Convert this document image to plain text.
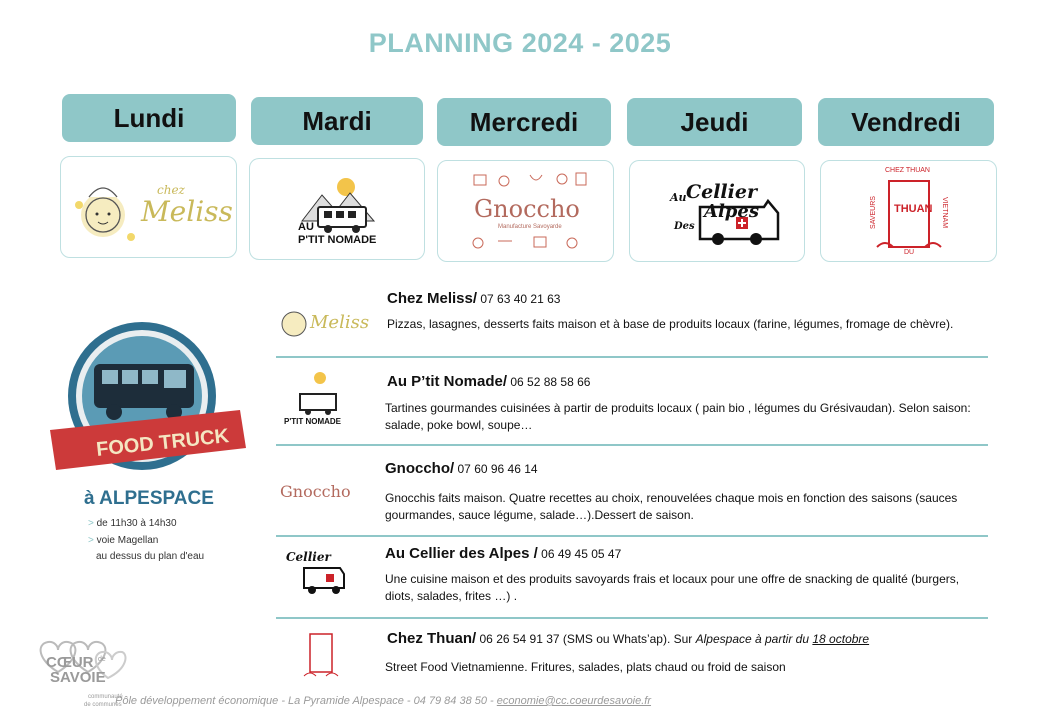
PLANNING 2024 - 2025
Lundi	Mardi	Mercredi	Jeudi	Vendredi
chez
Meliss	AU
P'TIT NOMADE
Gnoccho
Manufacture Savoyarde
Au Cellier
Des
Alpes
CHEZ THUAN
THUAN
SAVEURS	VIETNAM
DU
FOOD TRUCK
à ALPESPACE
> de 11h30 à 14h30
> voie Magellan
au dessus du plan d'eau
Meliss
Chez Meliss/ 07 63 40 21 63
Pizzas, lasagnes, desserts faits maison et à base de produits locaux (farine, légumes, fromage de chèvre).
P'TIT NOMADE
Au P’tit Nomade/ 06 52 88 58 66
Tartines gourmandes cuisinées à partir de produits locaux ( pain bio , légumes du Grésivaudan). Selon saison: salade, poke bowl, soupe…
Gnoccho
Gnoccho/ 07 60 96 46 14
Gnocchis faits maison. Quatre recettes au choix, renouvelées chaque mois en fonction des saisons (sauces gourmandes, sauce légume, salade…).Dessert de saison.
Cellier	Au Cellier des Alpes / 06 49 45 05 47
Une cuisine maison et des produits savoyards frais et locaux pour une offre de snacking de qualité (burgers, diots, salades, frites …) .
Chez Thuan/ 06 26 54 91 37 (SMS ou Whats’ap). Sur Alpespace à partir du 18 octobre
Street Food Vietnamienne. Fritures, salades, plats chaud ou froid de saison
CŒUR de
SAVOIE
communauté
de communes
Pôle développement économique - La Pyramide Alpespace - 04 79 84 38 50 - economie@cc.coeurdesavoie.fr
